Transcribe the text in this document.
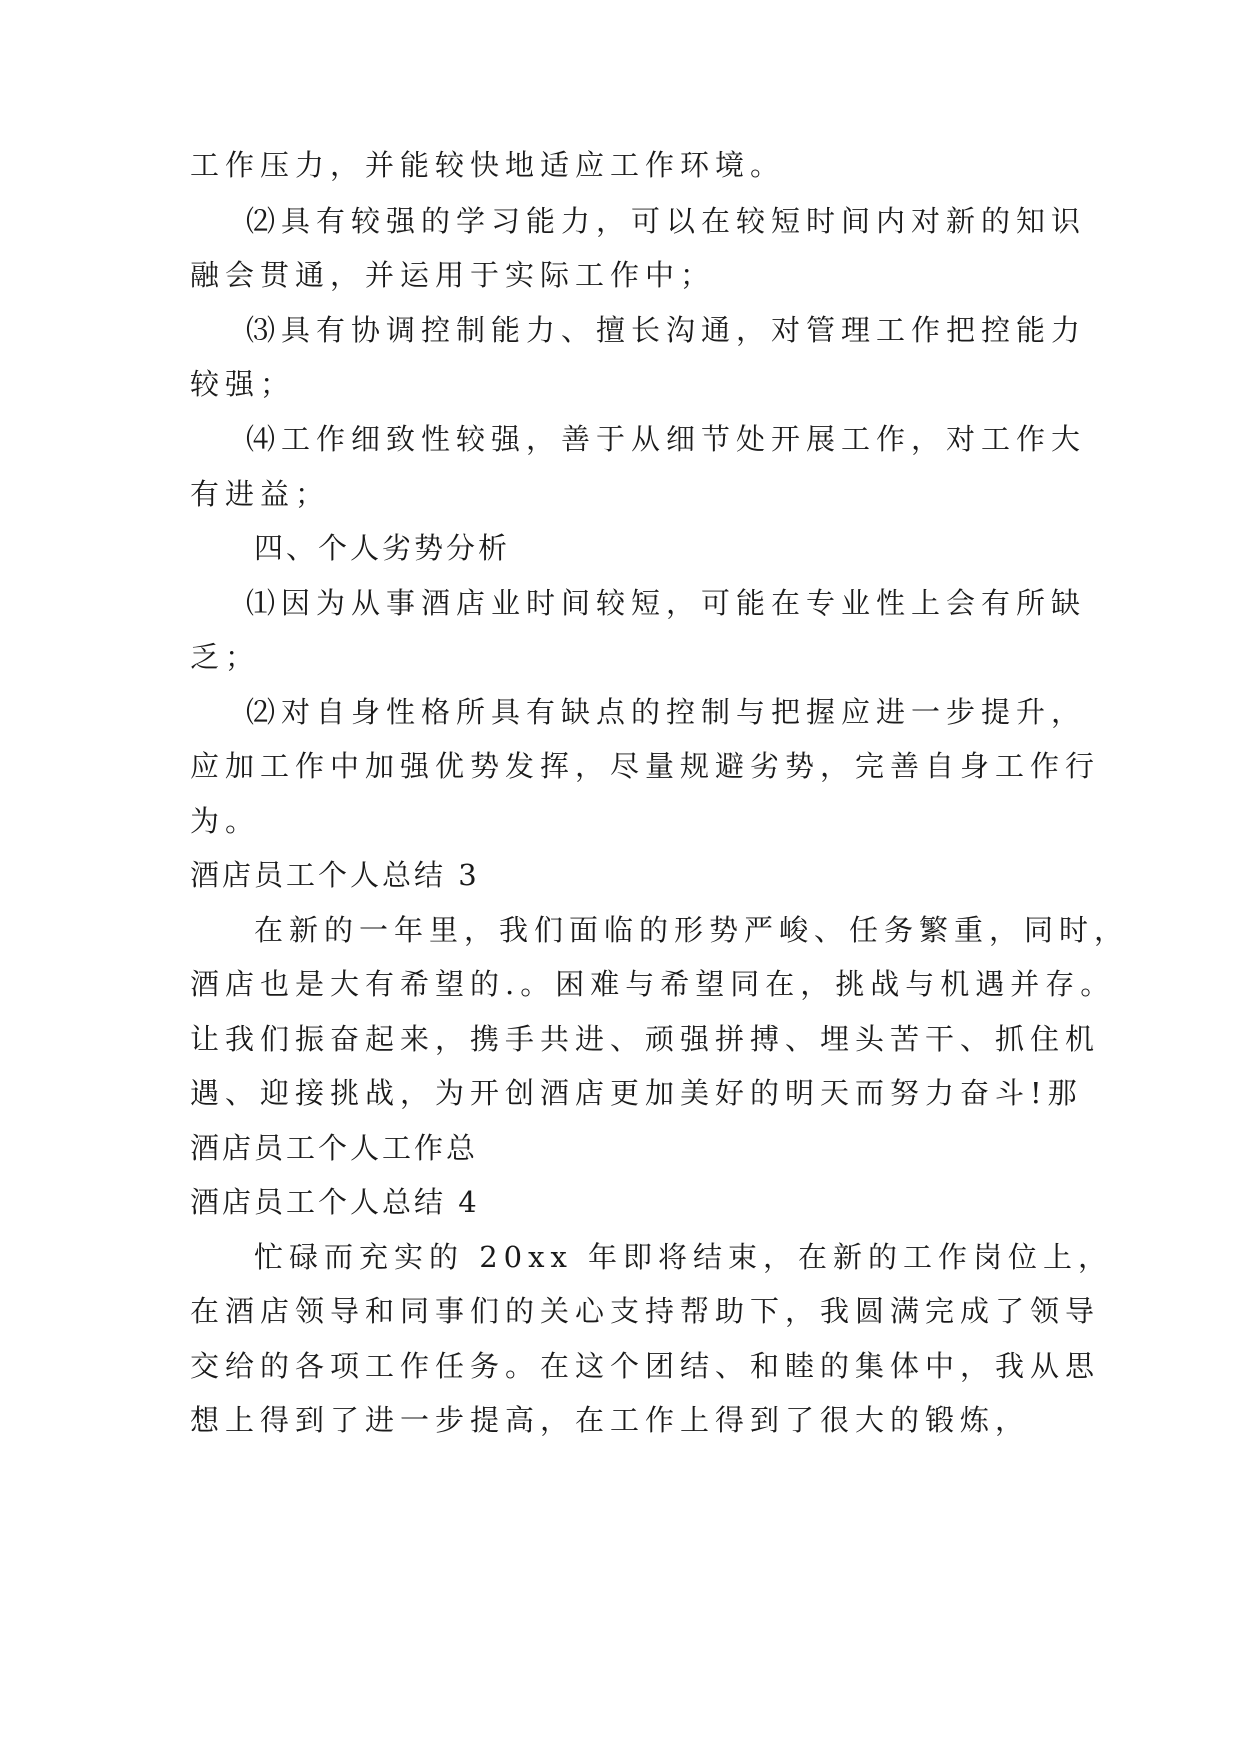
工作压力，并能较快地适应工作环境。
⑵具有较强的学习能力，可以在较短时间内对新的知识
融会贯通，并运用于实际工作中；
⑶具有协调控制能力、擅长沟通，对管理工作把控能力
较强；
⑷工作细致性较强，善于从细节处开展工作，对工作大
有进益；
四、个人劣势分析
⑴因为从事酒店业时间较短，可能在专业性上会有所缺
乏；
⑵对自身性格所具有缺点的控制与把握应进一步提升，
应加工作中加强优势发挥，尽量规避劣势，完善自身工作行
为。
酒店员工个人总结 3
在新的一年里，我们面临的形势严峻、任务繁重，同时，
酒店也是大有希望的.。困难与希望同在，挑战与机遇并存。
让我们振奋起来，携手共进、顽强拼搏、埋头苦干、抓住机
遇、迎接挑战，为开创酒店更加美好的明天而努力奋斗!那
酒店员工个人工作总
酒店员工个人总结 4
忙碌而充实的 20xx 年即将结束，在新的工作岗位上，
在酒店领导和同事们的关心支持帮助下，我圆满完成了领导
交给的各项工作任务。在这个团结、和睦的集体中，我从思
想上得到了进一步提高，在工作上得到了很大的锻炼，
